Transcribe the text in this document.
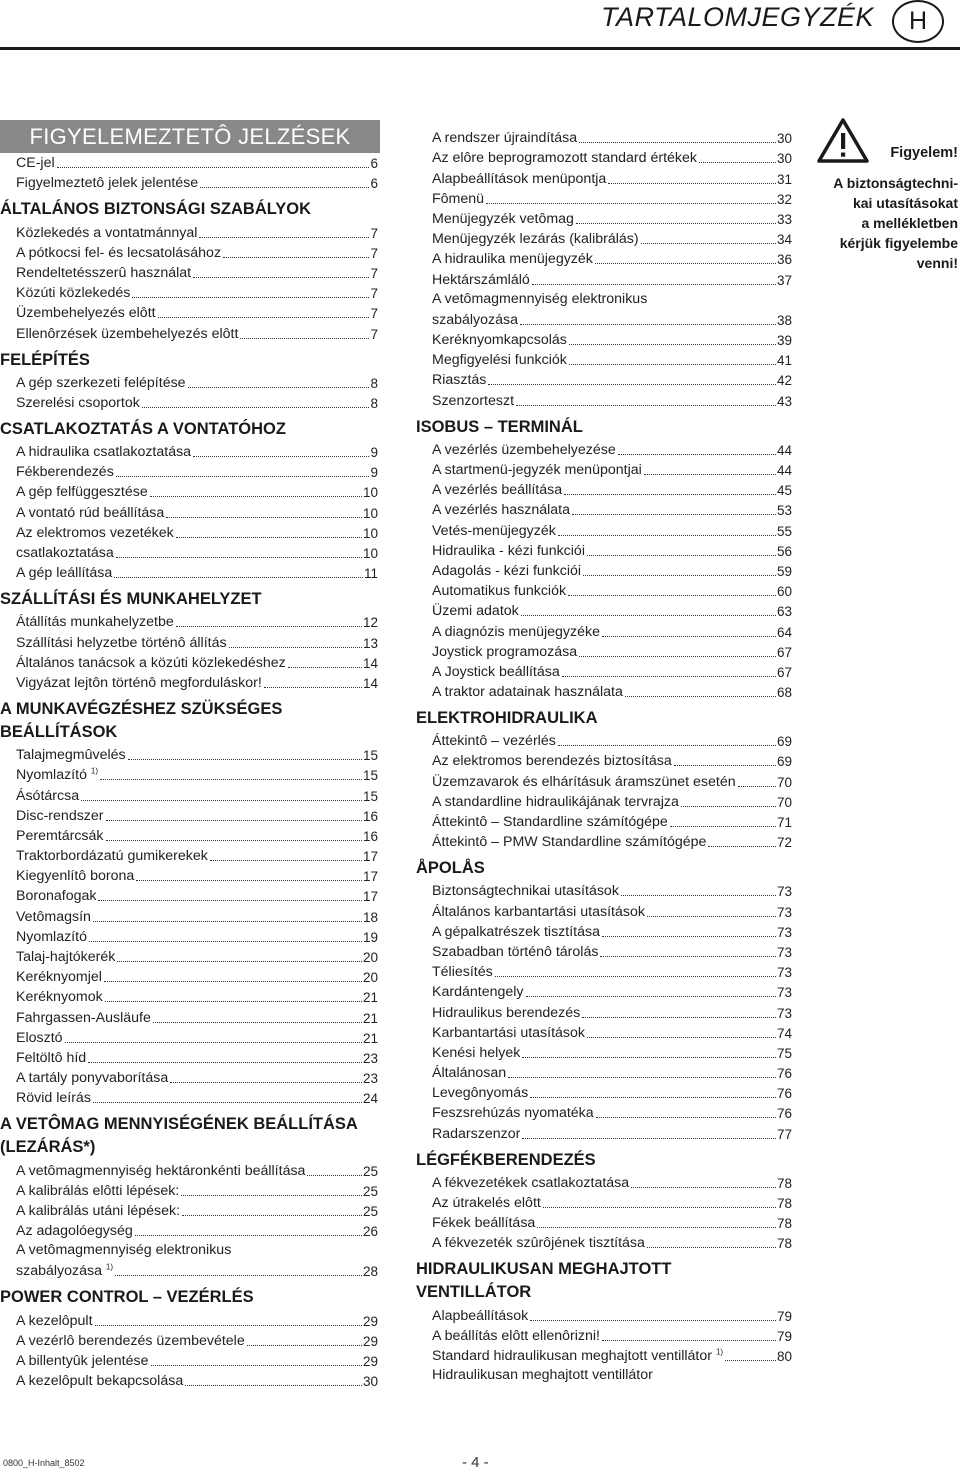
TARTALOMJEGYZÉK	H
FIGYELEMEZTETÔ JELZÉSEK
CE-jel	6
Figyelmeztetô jelek jelentése	6
ÁLTALÁNOS BIZTONSÁGI SZABÁLYOK
Közlekedés a vontatmánnyal	7
A pótkocsi fel- és lecsatolásához	7
Rendeltetésszerû használat	7
Közúti közlekedés	7
Üzembehelyezés elôtt	7
Ellenôrzések üzembehelyezés elôtt	7
FELÉPÍTÉS
A gép szerkezeti felépítése	8
Szerelési csoportok	8
CSATLAKOZTATÁS A VONTATÓHOZ
A hidraulika csatlakoztatása	9
Fékberendezés	9
A gép felfüggesztése	10
A vontató rúd beállítása	10
Az elektromos vezetékek	10
csatlakoztatása	10
A gép leállítása	11
SZÁLLÍTÁSI ÉS MUNKAHELYZET
Átállítás munkahelyzetbe	12
Szállítási helyzetbe történô állítás	13
Általános tanácsok a közúti közlekedéshez	14
Vigyázat lejtôn történô megforduláskor!	14
A MUNKAVÉGZÉSHEZ SZÜKSÉGES
BEÁLLÍTÁSOK
Talajmegmûvelés	15
Nyomlazító $^{1)}$	15
Ásótárcsa	15
Disc-rendszer	16
Peremtárcsák	16
Traktorbordázatú gumikerekek	17
Kiegyenlítô borona	17
Boronafogak	17
Vetômagsín	18
Nyomlazító	19
Talaj-hajtókerék	20
Keréknyomjel	20
Keréknyomok	21
Fahrgassen-Ausläufe	21
Elosztó	21
Feltöltô híd	23
A tartály ponyvaborítása	23
Rövid leírás	24
A VETÔMAG MENNYISÉGÉNEK BEÁLLÍTÁSA
(LEZÁRÁS*)
A vetômagmennyiség hektáronkénti beállítása	25
A kalibrálás elôtti lépések:	25
A kalibrálás utáni lépések:	25
Az adagolóegység	26
A vetômagmennyiség elektronikus
szabályozása $^{1)}$	28
POWER CONTROL – VEZÉRLÉS
A kezelôpult	29
A vezérlô berendezés üzembevétele	29
A billentyûk jelentése	29
A kezelôpult bekapcsolása	30
A rendszer újraindítása	30
Az elôre beprogramozott standard értékek	30
Alapbeállítások menüpontja	31
Fômenü	32
Menüjegyzék vetômag	33
Menüjegyzék lezárás (kalibrálás)	34
A hidraulika menüjegyzék	36
Hektárszámláló	37
A vetômagmennyiség elektronikus
szabályozása	38
Keréknyomkapcsolás	39
Megfigyelési funkciók	41
Riasztás	42
Szenzorteszt	43
ISOBUS – TERMINÁL
A vezérlés üzembehelyezése	44
A startmenü-jegyzék menüpontjai	44
A vezérlés beállítása	45
A vezérlés használata	53
Vetés-menüjegyzék	55
Hidraulika - kézi funkciói	56
Adagolás - kézi funkciói	59
Automatikus funkciók	60
Üzemi adatok	63
A diagnózis menüjegyzéke	64
Joystick programozása	67
A Joystick beállítása	67
A traktor adatainak használata	68
ELEKTROHIDRAULIKA
Áttekintô – vezérlés	69
Az elektromos berendezés biztosítása	69
Üzemzavarok és elhárításuk áramszünet esetén	70
A standardline hidraulikájának tervrajza	70
Áttekintô – Standardline számítógépe	71
Áttekintô – PMW Standardline számítógépe	72
ÅPOLÅS
Biztonságtechnikai utasítások	73
Általános karbantartási utasítások	73
A gépalkatrészek tisztítása	73
Szabadban történô tárolás	73
Téliesítés	73
Kardántengely	73
Hidraulikus berendezés	73
Karbantartási utasítások	74
Kenési helyek	75
Általánosan	76
Levegônyomás	76
Feszsrehúzás nyomatéka	76
Radarszenzor	77
LÉGFÉKBERENDEZÉS
A fékvezetékek csatlakoztatása	78
Az útrakelés elôtt	78
Fékek beállítása	78
A fékvezeték szûrôjének tisztítása	78
HIDRAULIKUSAN MEGHAJTOTT
VENTILLÁTOR
Alapbeállítások	79
A beállítás elôtt ellenôrizni!	79
Standard hidraulikusan meghajtott ventillátor $^{1)}$	80
Hidraulikusan meghajtott ventillátor
Figyelem!
A biztonságtechni-
kai utasításokat
a mellékletben
kérjük figyelembe
venni!
0800_H-Inhalt_8502	- 4 -
